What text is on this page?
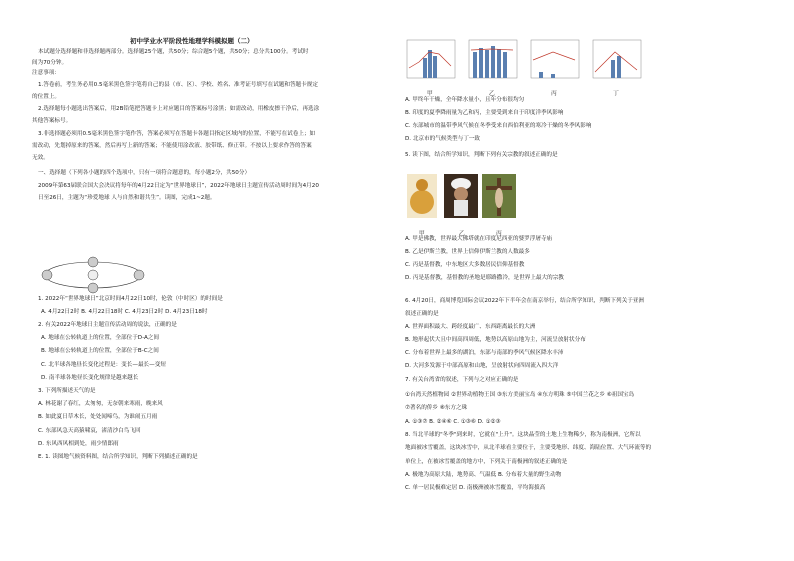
初中学业水平阶段性地理学科模拟题（二）
本试题分选择题和非选择题两部分。选择题25个题，共50分；综合题5个题，共50分；总分共100分。考试时
间为70分钟。
注意事项：
1.答卷前，考生务必用0.5毫米黑色签字笔将自己的县（市、区）、学校、姓名、准考证号填写在试题和答题卡规定
的位置上。
2.选择题每小题选出答案后，用2B铅笔把答题卡上对应题目的答案标号涂黑；如需改动，用橡皮擦干净后，再选涂
其他答案标号。
3.非选择题必须用0.5毫米黑色签字笔作答，答案必须写在答题卡各题目指定区域内的位置，不能写在试卷上；如
需改动，先划掉原来的答案，然后再写上新的答案；不能使用涂改液、胶带纸、修正带。不按以上要求作答的答案
无效。
一、选择题（下列各小题的四个选项中，只有一项符合题意的，每小题2分，共50分）
2009年第63届联合国大会决议将每年的4月22日定为“世界地球日”，2022年地球日主题宣传活动周时间为4月20
日至26日，主题为“珍爱地球 人与自然和谐共生”。读图，完成1~2题。
1. 2022年“世界地球日”北京时间4月22日10时，伦敦（中时区）的时间是
A. 4月22日2时 B. 4月22日18时 C. 4月23日2时 D. 4月23日18时
2. 有关2022年地球日主题宣传活动周的说法，正确的是
A. 地球在公转轨道上的位置，全部位于D-A之间
B. 地球在公转轨道上的位置，全部位于B-C之间
C. 北半球各地昼长变化过程是：变长—最长—变短
D. 南半球各地昼长变化规律是越来越长
3. 下列所描述天气的是
A. 林花谢了春红，太匆匆，无奈朝来寒雨，晚来风
B. 如此夏日草木长，处处闻啼鸟，为谁闹五月雨
C. 东部风急天高猿啸哀，渚清沙白鸟飞回
D. 东风西风相到处，雨少情郎雨
E. 1. 读图地气候资料图，结合所学知识，判断下列描述正确的是
甲	乙	丙	丁
A. 甲终年干燥，全年降水量小，且年分布很均匀
B. 印度的夏季降雨量为乙和丙，主要受到来自于印度洋季风影响
C. 东部城市的温带季风气候在冬季受来自西伯利亚的寒冷干燥的冬季风影响
D. 北京市的气候类型与丁一致
5. 读下图，结合所学知识，判断下列有关宗教的叙述正确的是
A. 甲是佛教，世界最大佛塔就在印度尼西亚的婆罗浮屠寺庙
B. 乙是伊斯兰教，世界上信仰伊斯兰教的人数最多
C. 丙是基督教，中东地区大多数居民信仰基督教
D. 丙是基督教，基督教的圣地是耶路撒冷，是世界上最大的宗教
6. 4月20日，商周博览国际会议2022年下半年会在南京举行，结合所学知识，判断下列关于亚洲
叙述正确的是
A. 世界面积最大、跨经度最广、东西距离最长的大洲
B. 地形起伏大且中间高四周低，地势以高原山地为主，河流呈放射状分布
C. 分布着世界上最多的湖泊，东部与南部的季风气候区降水丰沛
D. 大河多发源于中部高原和山地，呈放射状向四周流入四大洋
7. 有关台湾省的叙述，下列与之对应正确的是
①台湾天然植物园 ②世界动植物王国 ③东方美丽宝岛 ④东方明珠 ⑤中国兰花之乡 ⑥祖国宝岛
⑦著名的侨乡 ⑧东方之珠
A. ①③⑦ B. ②④⑥ C. ①③⑥ D. ①②③
8. 当北半球的"冬季"到来时，它就在"上升"。这块晶莹的土地上生物稀少，称为南极洲，它所以
地面被冰雪覆盖，这块冰雪中，从北半球看主要位于，主要受地形、纬度、海陆位置、大气环流等的
单位上，在被冰雪覆盖的地方中，下列关于南极洲的叙述正确的是
A. 极地为高原大陆，地势高、气温低 B. 分布着大量的野生动物
C. 单一居民极难定居 D. 南极洲被冰雪覆盖，平均海拔高
甲	乙	丙
